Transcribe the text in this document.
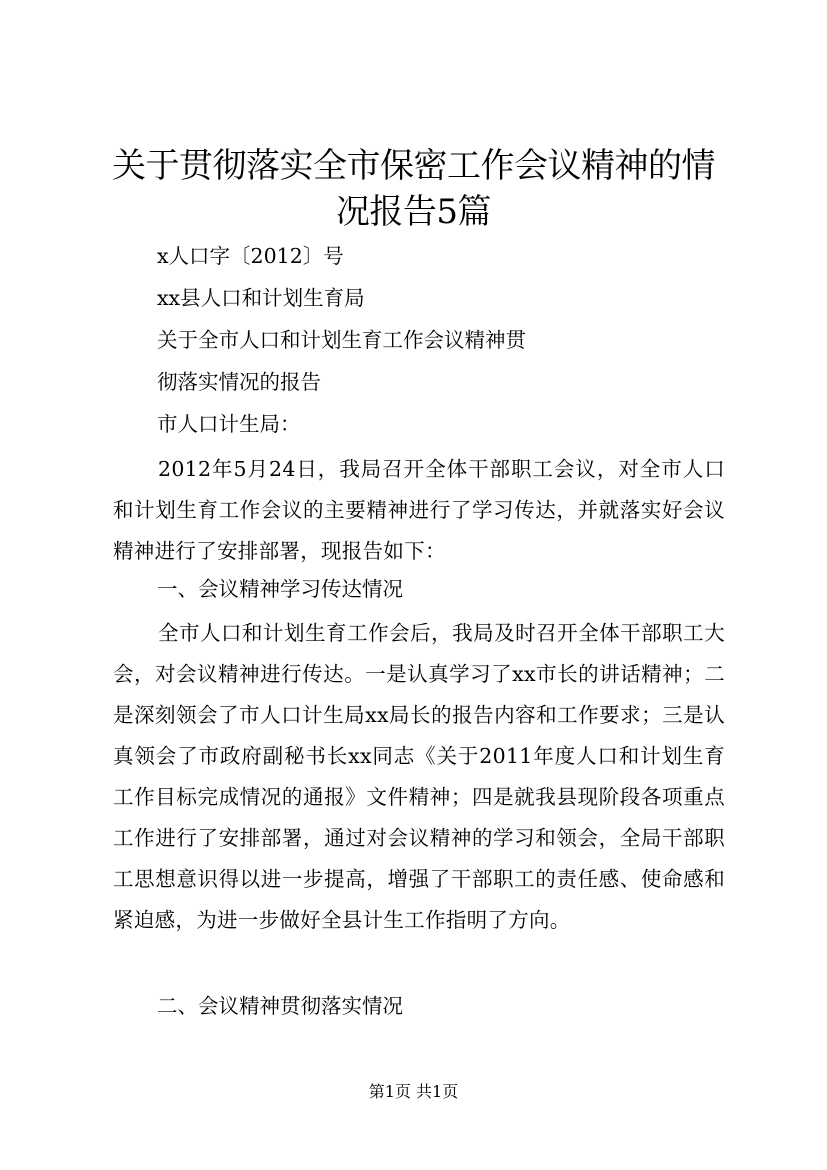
关于贯彻落实全市保密工作会议精神的情况报告5篇
x人口字〔2012〕号
xx县人口和计划生育局
关于全市人口和计划生育工作会议精神贯
彻落实情况的报告
市人口计生局：
2012年5月24日，我局召开全体干部职工会议，对全市人口和计划生育工作会议的主要精神进行了学习传达，并就落实好会议精神进行了安排部署，现报告如下：
一、会议精神学习传达情况
全市人口和计划生育工作会后，我局及时召开全体干部职工大会，对会议精神进行传达。一是认真学习了xx市长的讲话精神；二是深刻领会了市人口计生局xx局长的报告内容和工作要求；三是认真领会了市政府副秘书长xx同志《关于2011年度人口和计划生育工作目标完成情况的通报》文件精神；四是就我县现阶段各项重点工作进行了安排部署，通过对会议精神的学习和领会，全局干部职工思想意识得以进一步提高，增强了干部职工的责任感、使命感和紧迫感，为进一步做好全县计生工作指明了方向。
二、会议精神贯彻落实情况
第1页 共1页
